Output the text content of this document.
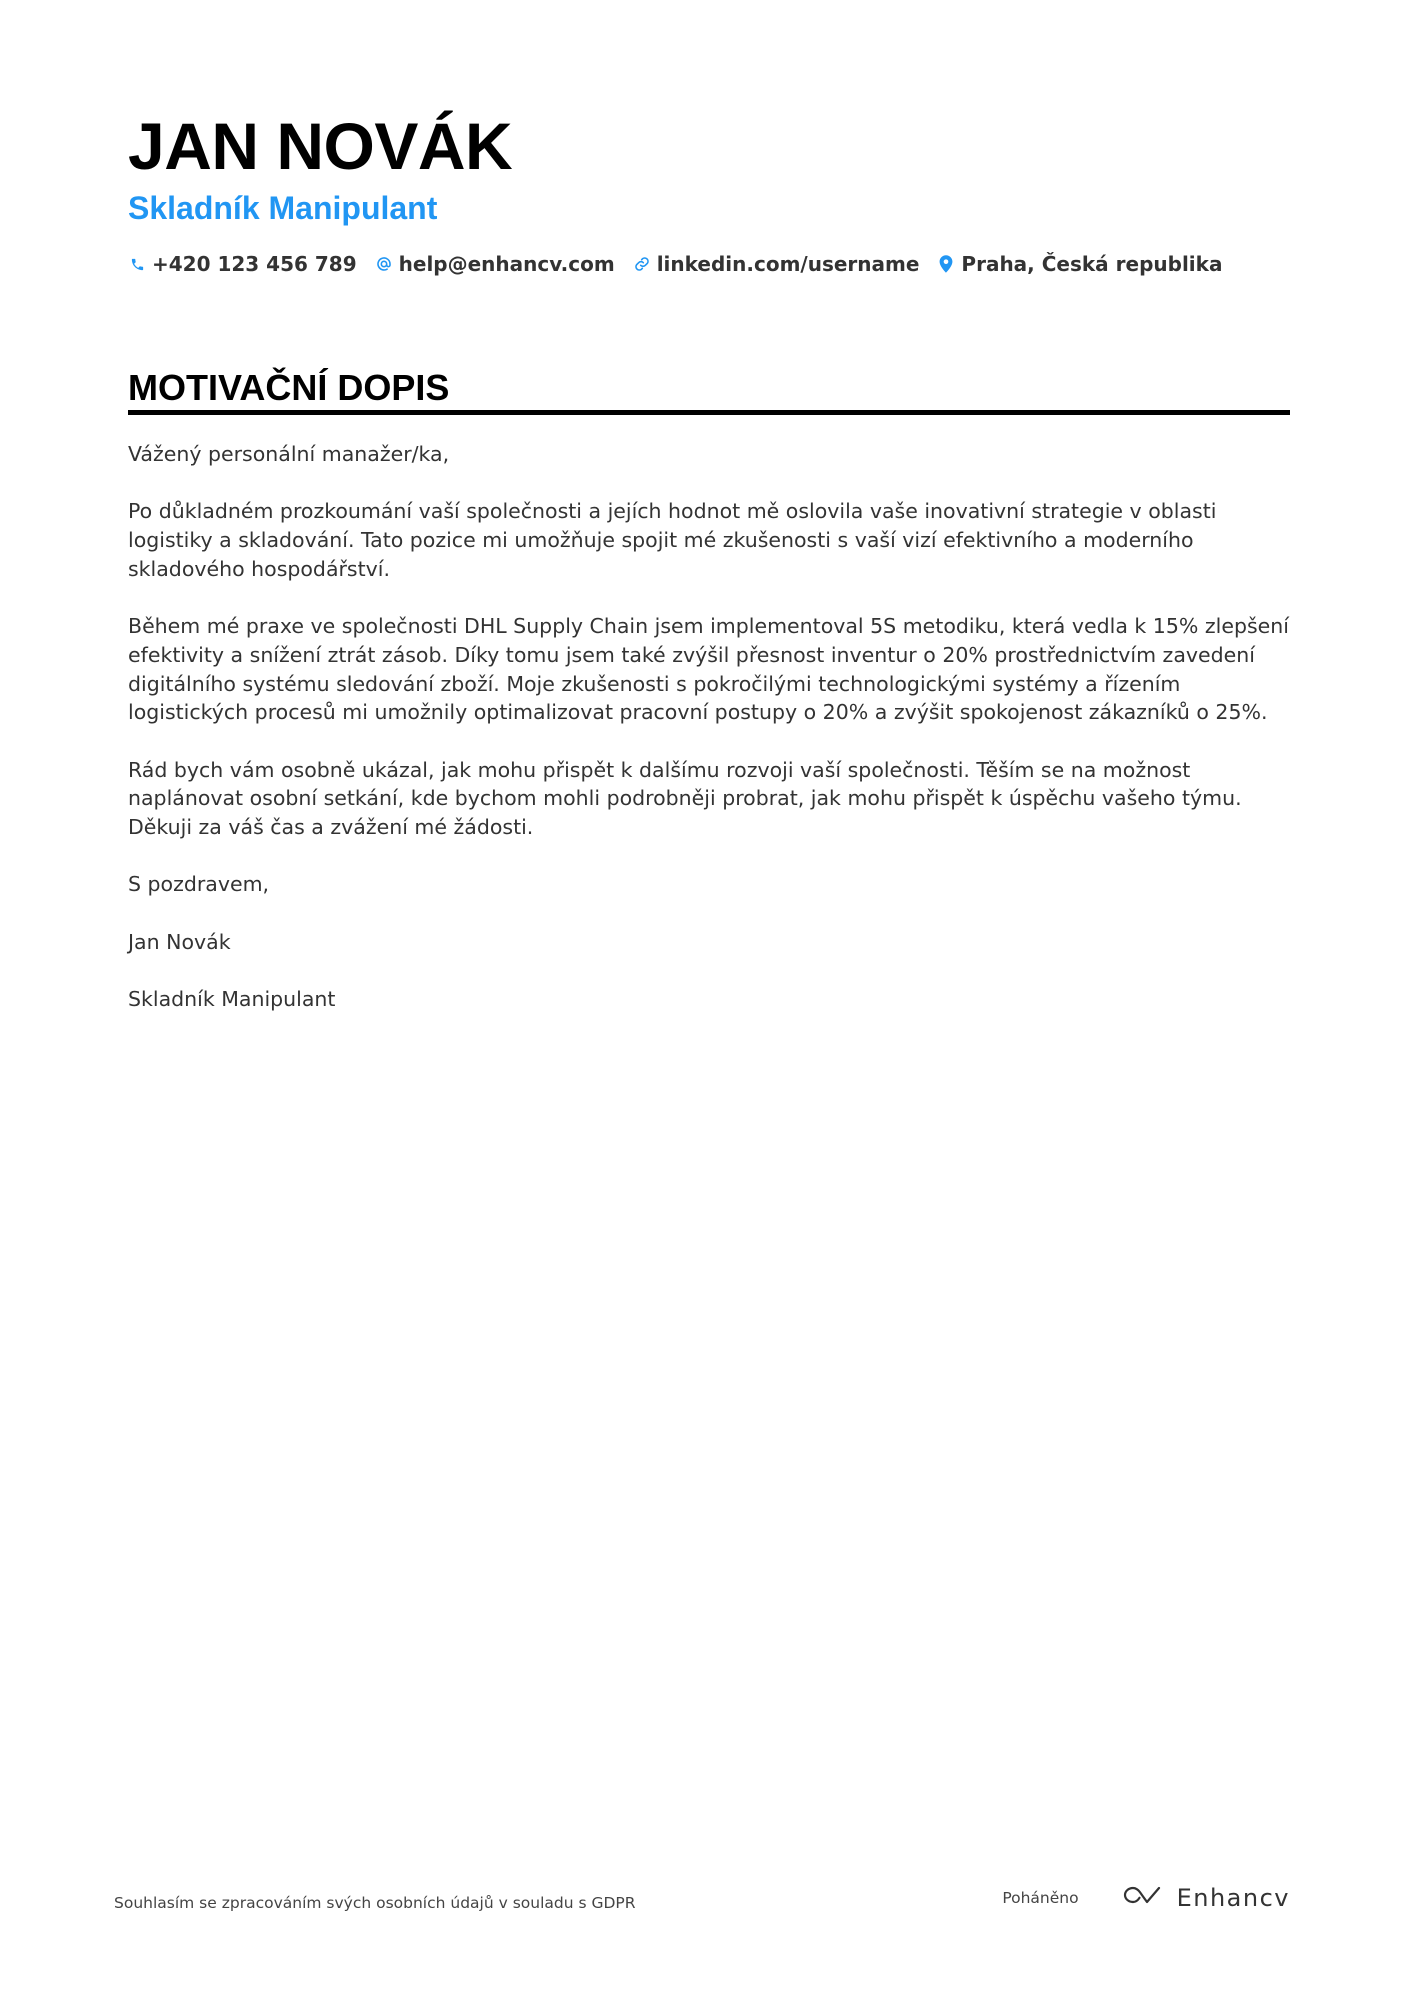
JAN NOVÁK
Skladník Manipulant
+420 123 456 789 help@enhancv.com linkedin.com/username Praha, Česká republika
MOTIVAČNÍ DOPIS

Vážený personální manažer/ka,

Po důkladném prozkoumání vaší společnosti a jejích hodnot mě oslovila vaše inovativní strategie v oblasti logistiky a skladování. Tato pozice mi umožňuje spojit mé zkušenosti s vaší vizí efektivního a moderního skladového hospodářství.

Během mé praxe ve společnosti DHL Supply Chain jsem implementoval 5S metodiku, která vedla k 15% zlepšení efektivity a snížení ztrát zásob. Díky tomu jsem také zvýšil přesnost inventur o 20% prostřednictvím zavedení digitálního systému sledování zboží. Moje zkušenosti s pokročilými technologickými systémy a řízením logistických procesů mi umožnily optimalizovat pracovní postupy o 20% a zvýšit spokojenost zákazníků o 25%.

Rád bych vám osobně ukázal, jak mohu přispět k dalšímu rozvoji vaší společnosti. Těším se na možnost naplánovat osobní setkání, kde bychom mohli podrobněji probrat, jak mohu přispět k úspěchu vašeho týmu. Děkuji za váš čas a zvážení mé žádosti.

S pozdravem,

Jan Novák

Skladník Manipulant

Souhlasím se zpracováním svých osobních údajů v souladu s GDPR	Poháněno	Enhancv
